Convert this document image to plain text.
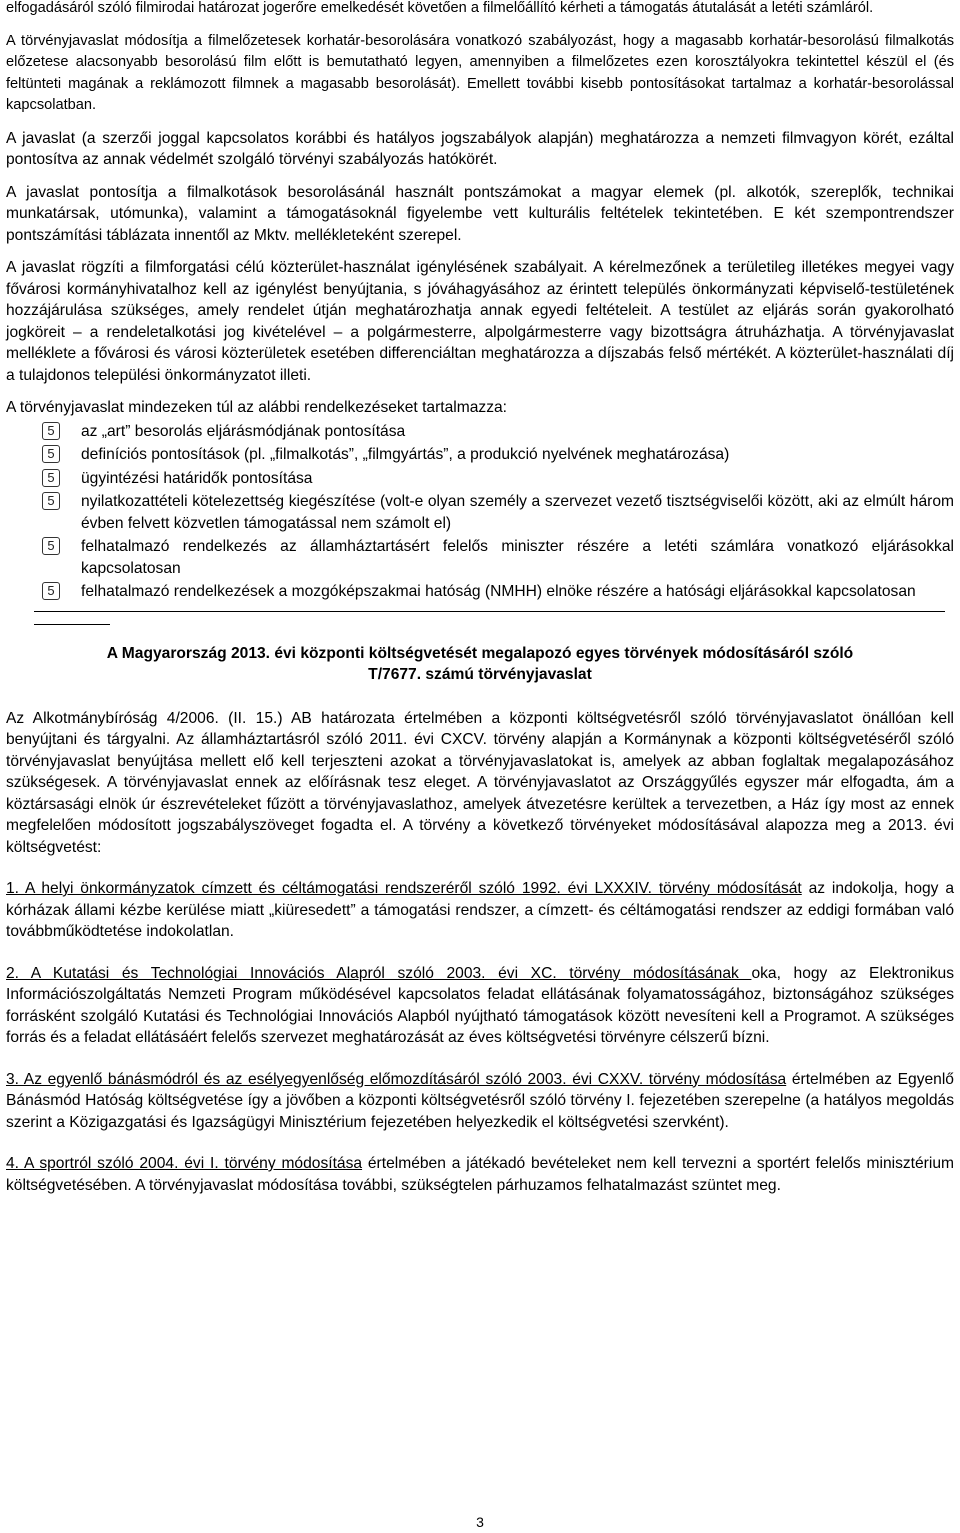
elfogadásáról szóló filmirodai határozat jogerőre emelkedését követően a filmelőállító kérheti a támogatás átutalását a letéti számláról.

A törvényjavaslat módosítja a filmelőzetesek korhatár-besorolására vonatkozó szabályozást, hogy a magasabb korhatár-besorolású filmalkotás előzetese alacsonyabb besorolású film előtt is bemutatható legyen, amennyiben a filmelőzetes ezen korosztályokra tekintettel készül el (és feltünteti magának a reklámozott filmnek a magasabb besorolását). Emellett további kisebb pontosításokat tartalmaz a korhatár-besorolással kapcsolatban.

A javaslat (a szerzői joggal kapcsolatos korábbi és hatályos jogszabályok alapján) meghatározza a nemzeti filmvagyon körét, ezáltal pontosítva az annak védelmét szolgáló törvényi szabályozás hatókörét.

A javaslat pontosítja a filmalkotások besorolásánál használt pontszámokat a magyar elemek (pl. alkotók, szereplők, technikai munkatársak, utómunka), valamint a támogatásoknál figyelembe vett kulturális feltételek tekintetében. E két szempontrendszer pontszámítási táblázata innentől az Mktv. mellékleteként szerepel.

A javaslat rögzíti a filmforgatási célú közterület-használat igénylésének szabályait. A kérelmezőnek a területileg illetékes megyei vagy fővárosi kormányhivatalhoz kell az igénylést benyújtania, s jóváhagyásához az érintett település önkormányzati képviselő-testületének hozzájárulása szükséges, amely rendelet útján meghatározhatja annak egyedi feltételeit. A testület az eljárás során gyakorolható jogköreit – a rendeletalkotási jog kivételével – a polgármesterre, alpolgármesterre vagy bizottságra átruházhatja. A törvényjavaslat mellékletе a fővárosi és városi közterületek esetében differenciáltan meghatározza a díjszabás felső mértékét. A közterület-használati díj a tulajdonos települési önkormányzatot illeti.

A törvényjavaslat mindezeken túl az alábbi rendelkezéseket tartalmazza:

5	az „art” besorolás eljárásmódjának pontosítása
5	definíciós pontosítások (pl. „filmalkotás”, „filmgyártás”, a produkció nyelvének meghatározása)
5	ügyintézési határidők pontosítása
5	nyilatkozattételi kötelezettség kiegészítése (volt-e olyan személy a szervezet vezető tisztségviselői között, aki az elmúlt három évben felvett közvetlen támogatással nem számolt el)
5	felhatalmazó rendelkezés az államháztartásért felelős miniszter részére a letéti számlára vonatkozó eljárásokkal kapcsolatosan
5	felhatalmazó rendelkezések a mozgóképszakmai hatóság (NMHH) elnöke részére a hatósági eljárásokkal kapcsolatosan
A Magyarország 2013. évi központi költségvetését megalapozó egyes törvények módosításáról szóló
T/7677. számú törvényjavaslat

Az Alkotmánybíróság 4/2006. (II. 15.) AB határozata értelmében a központi költségvetésről szóló törvényjavaslatot önállóan kell benyújtani és tárgyalni. Az államháztartásról szóló 2011. évi CXCV. törvény alapján a Kormánynak a központi költségvetéséről szóló törvényjavaslat benyújtása mellett elő kell terjesztenі azokat a törvényjavaslatokat is, amelyek az abban foglaltak megalapozásához szükségesek. A törvényjavaslat ennek az előírásnak tesz eleget. A törvényjavaslatot az Országgyűlés egyszer már elfogadta, ám a köztársasági elnök úr észrevételeket fűzött a törvényjavaslathoz, amelyek átvezetésre kerültek a tervezetben, a Ház így most az ennek megfelelően módosított jogszabályszöveget fogadta el. A törvény a következő törvényeket módosításával alapozza meg a 2013. évi költségvetést:

1. A helyi önkormányzatok címzett és céltámogatási rendszeréről szóló 1992. évi LXXXIV. törvény módosítását az indokolja, hogy a kórházak állami kézbe kerülése miatt „kiüresedett” a támogatási rendszer, a címzett- és céltámogatási rendszer az eddigi formában való továbbműködtetése indokolatlan.

2. A Kutatási és Technológiai Innovációs Alapról szóló 2003. évi XC. törvény módosításának oka, hogy az Elektronikus Információszolgáltatás Nemzeti Program működésével kapcsolatos feladat ellátásának folyamatosságához, biztonságához szükséges forrásként szolgáló Kutatási és Technológiai Innovációs Alapból nyújtható támogatások között nevesíteni kell a Programot. A szükséges forrás és a feladat ellátásáért felelős szervezet meghatározását az éves költségvetési törvényre célszerű bízni.

3. Az egyenlő bánásmódról és az esélyegyenlőség előmozdításáról szóló 2003. évi CXXV. törvény módosítása értelmében az Egyenlő Bánásmód Hatóság költségvetése így a jövőben a központi költségvetésről szóló törvény I. fejezetében szerepelne (a hatályos megoldás szerint a Közigazgatási és Igazságügyi Minisztérium fejezetében helyezkedik el költségvetési szervként).

4. A sportról szóló 2004. évi I. törvény módosítása értelmében a játékadó bevételeket nem kell tervezni a sportért felelős minisztérium költségvetésében. A törvényjavaslat módosítása további, szükségtelen párhuzamos felhatalmazást szüntet meg.

3
